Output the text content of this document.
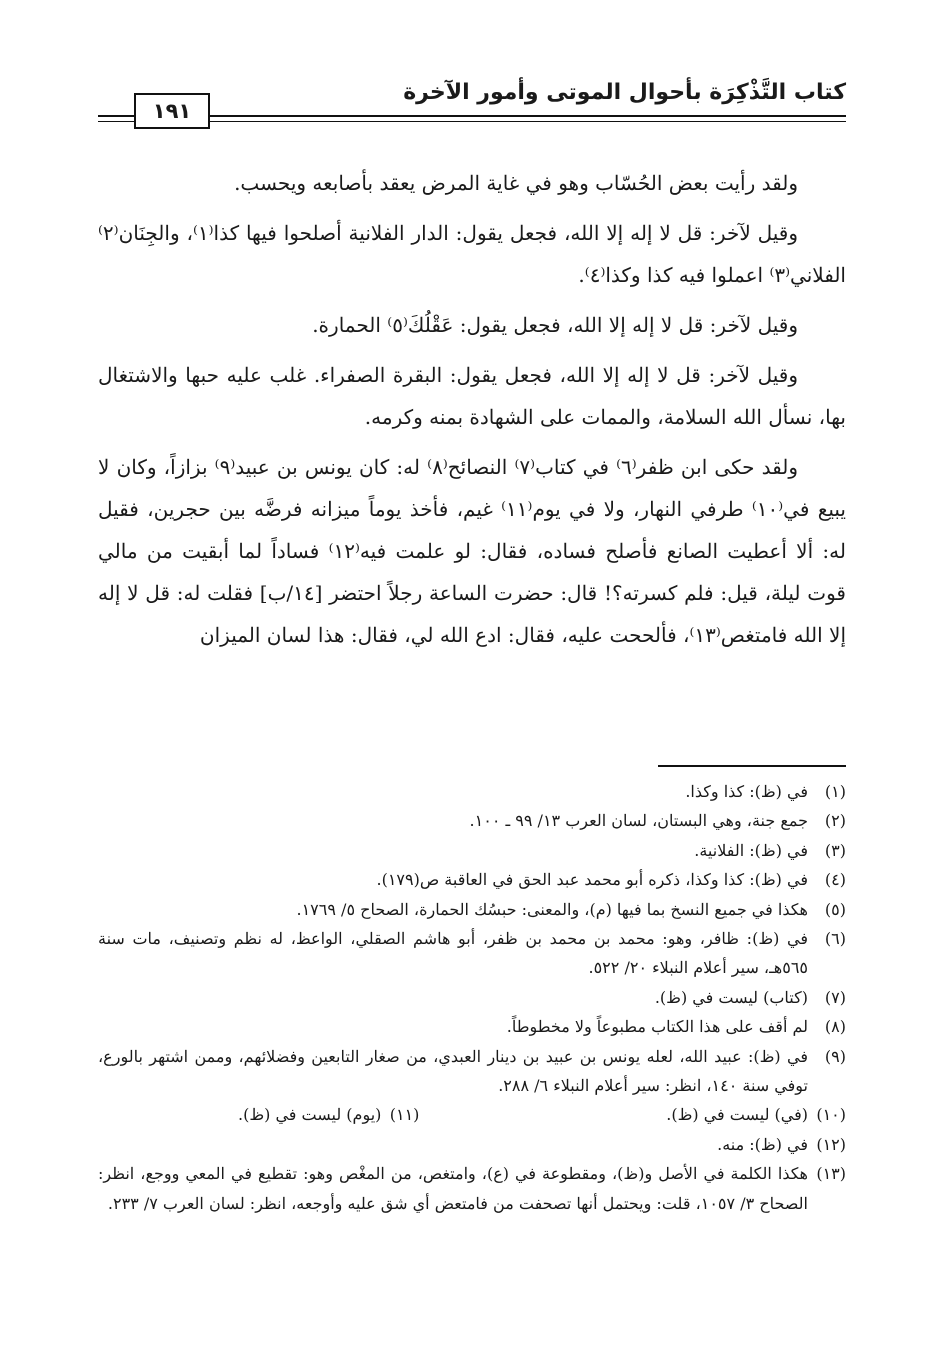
كتاب التَّذْكِرَة بأحوال الموتى وأمور الآخرة
١٩١

ولقد رأيت بعض الحُسّاب وهو في غاية المرض يعقد بأصابعه ويحسب.

وقيل لآخر: قل لا إله إلا الله، فجعل يقول: الدار الفلانية أصلحوا فيها كذا⁽١⁾، والجِنَان⁽٢⁾ الفلاني⁽٣⁾ اعملوا فيه كذا وكذا⁽٤⁾.

وقيل لآخر: قل لا إله إلا الله، فجعل يقول: عَقْلُكَ⁽٥⁾ الحمارة.

وقيل لآخر: قل لا إله إلا الله، فجعل يقول: البقرة الصفراء. غلب عليه حبها والاشتغال بها، نسأل الله السلامة، والممات على الشهادة بمنه وكرمه.

ولقد حكى ابن ظفر⁽٦⁾ في كتاب⁽٧⁾ النصائح⁽٨⁾ له: كان يونس بن عبيد⁽٩⁾ بزازاً، وكان لا يبيع في⁽١٠⁾ طرفي النهار، ولا في يوم⁽١١⁾ غيم، فأخذ يوماً ميزانه فرضَّه بين حجرين، فقيل له: ألا أعطيت الصانع فأصلح فساده، فقال: لو علمت فيه⁽١٢⁾ فساداً لما أبقيت من مالي قوت ليلة، قيل: فلم كسرته؟! قال: حضرت الساعة رجلاً احتضر [١٤/ب] فقلت له: قل لا إله إلا الله فامتغص⁽١٣⁾، فألححت عليه، فقال: ادع الله لي، فقال: هذا لسان الميزان

(١)
في (ظ): كذا وكذا.
(٢)
جمع جنة، وهي البستان، لسان العرب ١٣/ ٩٩ ـ ١٠٠.
(٣)
في (ظ): الفلانية.
(٤)
في (ظ): كذا وكذا، ذكره أبو محمد عبد الحق في العاقبة ص(١٧٩).
(٥)
هكذا في جميع النسخ بما فيها (م)، والمعنى: حبسُك الحمارة، الصحاح ٥/ ١٧٦٩.
(٦)
في (ظ): ظافر، وهو: محمد بن محمد بن ظفر، أبو هاشم الصقلي، الواعظ، له نظم وتصنيف، مات سنة ٥٦٥هـ، سير أعلام النبلاء ٢٠/ ٥٢٢.
(٧)
(كتاب) ليست في (ظ).
(٨)
لم أقف على هذا الكتاب مطبوعاً ولا مخطوطاً.
(٩)
في (ظ): عبيد الله، لعله يونس بن عبيد بن دينار العبدي، من صغار التابعين وفضلائهم، وممن اشتهر بالورع، توفي سنة ١٤٠، انظر: سير أعلام النبلاء ٦/ ٢٨٨.
(١٠)
(في) ليست في (ظ).
(١١)
(يوم) ليست في (ظ).
(١٢)
في (ظ): منه.
(١٣)
هكذا الكلمة في الأصل و(ظ)، ومقطوعة في (ع)، وامتغص، من المغْص وهو: تقطيع في المعي ووجع، انظر: الصحاح ٣/ ١٠٥٧، قلت: ويحتمل أنها تصحفت من فامتعض أي شق عليه وأوجعه، انظر: لسان العرب ٧/ ٢٣٣.
